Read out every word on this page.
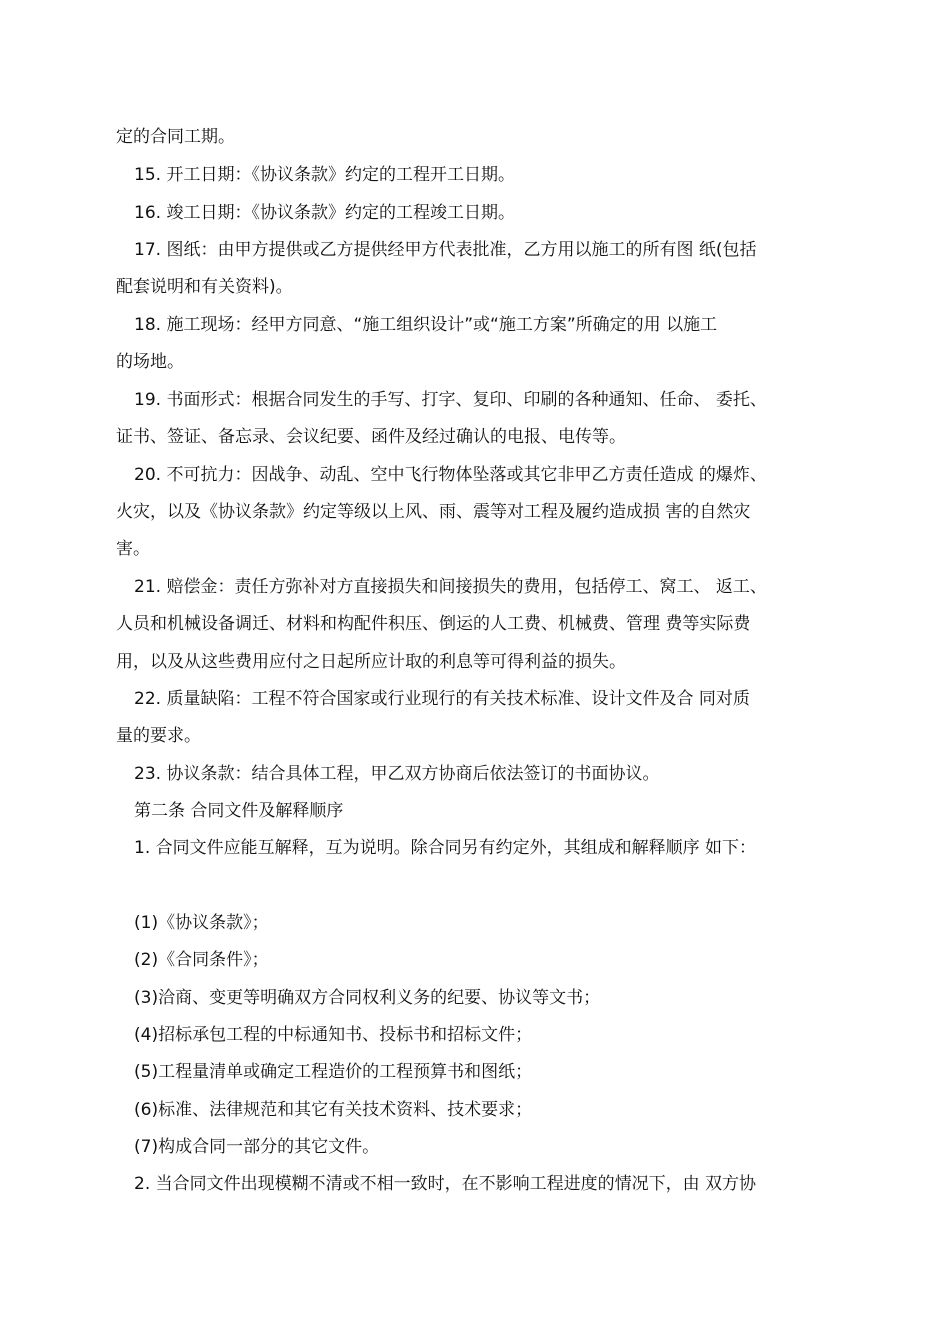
定的合同工期。
15. 开工日期：《协议条款》约定的工程开工日期。
16. 竣工日期：《协议条款》约定的工程竣工日期。
17. 图纸：由甲方提供或乙方提供经甲方代表批准，乙方用以施工的所有图 纸(包括
配套说明和有关资料)。
18. 施工现场：经甲方同意、“施工组织设计”或“施工方案”所确定的用 以施工
的场地。
19. 书面形式：根据合同发生的手写、打字、复印、印刷的各种通知、任命、 委托、
证书、签证、备忘录、会议纪要、函件及经过确认的电报、电传等。
20. 不可抗力：因战争、动乱、空中飞行物体坠落或其它非甲乙方责任造成 的爆炸、
火灾，以及《协议条款》约定等级以上风、雨、震等对工程及履约造成损 害的自然灾
害。
21. 赔偿金：责任方弥补对方直接损失和间接损失的费用，包括停工、窝工、 返工、
人员和机械设备调迁、材料和构配件积压、倒运的人工费、机械费、管理 费等实际费
用，以及从这些费用应付之日起所应计取的利息等可得利益的损失。
22. 质量缺陷：工程不符合国家或行业现行的有关技术标准、设计文件及合 同对质
量的要求。
23. 协议条款：结合具体工程，甲乙双方协商后依法签订的书面协议。
第二条 合同文件及解释顺序
1. 合同文件应能互解释，互为说明。除合同另有约定外，其组成和解释顺序 如下：
(1)《协议条款》；
(2)《合同条件》；
(3)洽商、变更等明确双方合同权利义务的纪要、协议等文书；
(4)招标承包工程的中标通知书、投标书和招标文件；
(5)工程量清单或确定工程造价的工程预算书和图纸；
(6)标准、法律规范和其它有关技术资料、技术要求；
(7)构成合同一部分的其它文件。
2. 当合同文件出现模糊不清或不相一致时，在不影响工程进度的情况下，由 双方协
